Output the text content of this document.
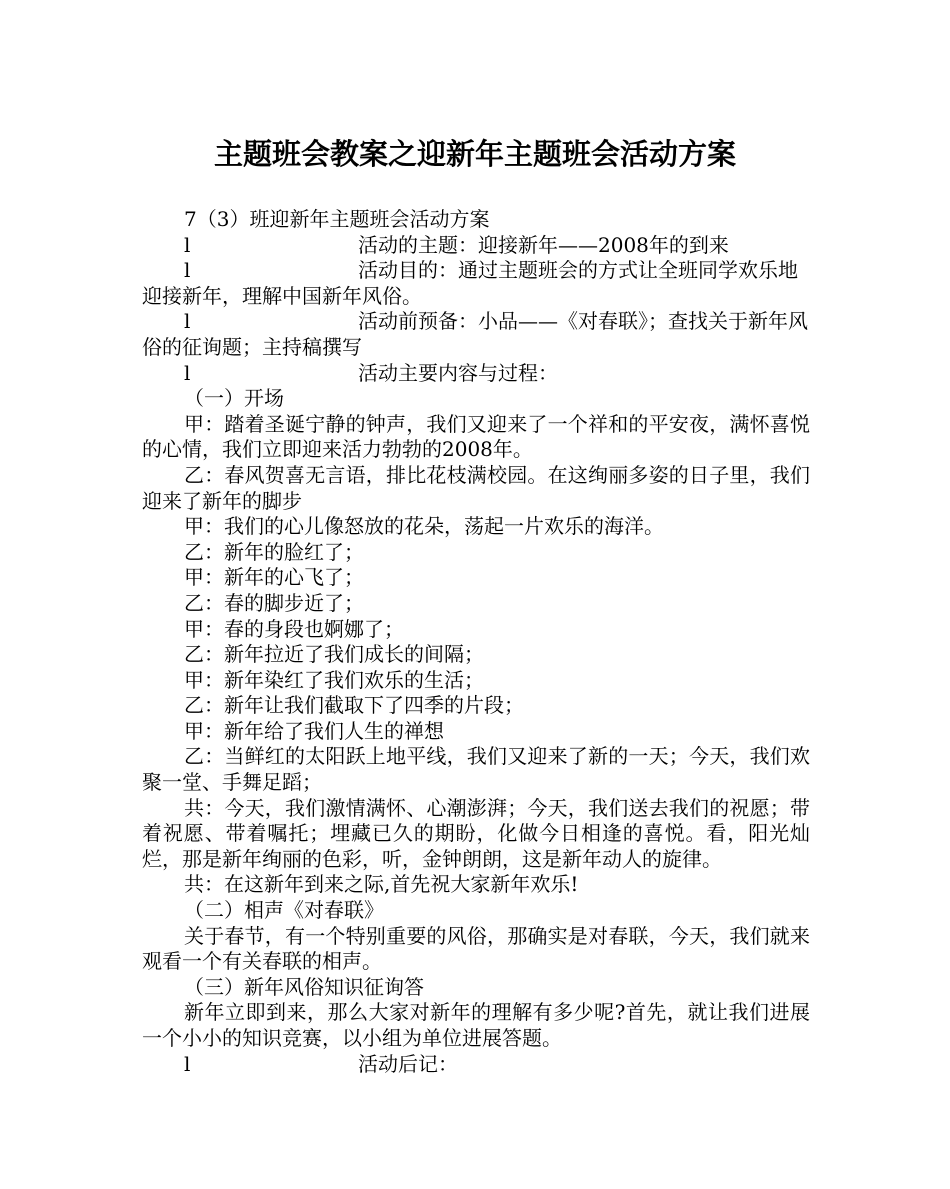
主题班会教案之迎新年主题班会活动方案

7（3）班迎新年主题班会活动方案

l	活动的主题：迎接新年——2008年的到来

l	活动目的：通过主题班会的方式让全班同学欢乐地迎接新年，理解中国新年风俗。

l	活动前预备：小品——《对春联》；查找关于新年风俗的征询题；主持稿撰写

l	活动主要内容与过程：

（一）开场

甲：踏着圣诞宁静的钟声，我们又迎来了一个祥和的平安夜，满怀喜悦的心情，我们立即迎来活力勃勃的2008年。

乙：春风贺喜无言语，排比花枝满校园。在这绚丽多姿的日子里，我们迎来了新年的脚步

甲：我们的心儿像怒放的花朵，荡起一片欢乐的海洋。

乙：新年的脸红了；

甲：新年的心飞了；

乙：春的脚步近了；

甲：春的身段也婀娜了；

乙：新年拉近了我们成长的间隔；

甲：新年染红了我们欢乐的生活；

乙：新年让我们截取下了四季的片段；

甲：新年给了我们人生的禅想

乙：当鲜红的太阳跃上地平线，我们又迎来了新的一天；今天，我们欢聚一堂、手舞足蹈；

共：今天，我们激情满怀、心潮澎湃；今天，我们送去我们的祝愿；带着祝愿、带着嘱托；埋藏已久的期盼，化做今日相逢的喜悦。看，阳光灿烂，那是新年绚丽的色彩，听，金钟朗朗，这是新年动人的旋律。

共：在这新年到来之际,首先祝大家新年欢乐!

（二）相声《对春联》

关于春节，有一个特别重要的风俗，那确实是对春联，今天，我们就来观看一个有关春联的相声。

（三）新年风俗知识征询答

新年立即到来，那么大家对新年的理解有多少呢?首先，就让我们进展一个小小的知识竞赛，以小组为单位进展答题。

l	活动后记：
